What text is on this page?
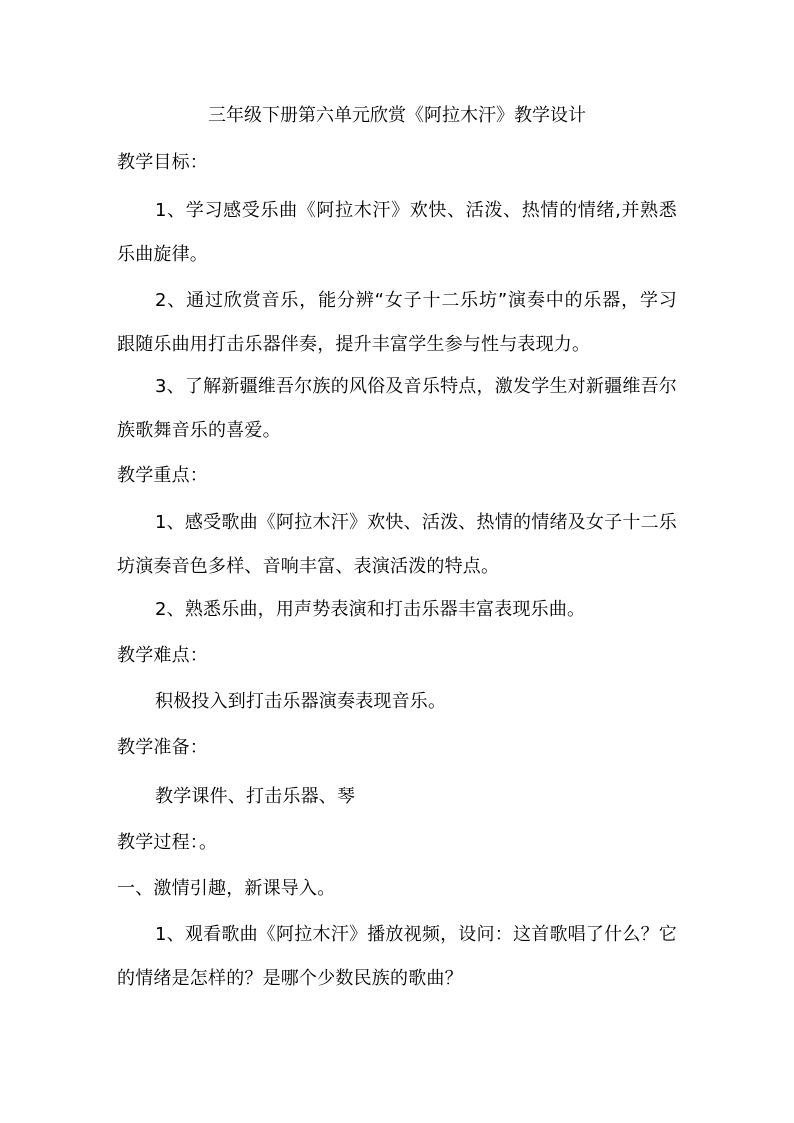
三年级下册第六单元欣赏《阿拉木汗》教学设计

教学目标：

1、学习感受乐曲《阿拉木汗》欢快、活泼、热情的情绪,并熟悉乐曲旋律。

2、通过欣赏音乐，能分辨“女子十二乐坊”演奏中的乐器，学习跟随乐曲用打击乐器伴奏，提升丰富学生参与性与表现力。

3、了解新疆维吾尔族的风俗及音乐特点，激发学生对新疆维吾尔族歌舞音乐的喜爱。

教学重点：

1、感受歌曲《阿拉木汗》欢快、活泼、热情的情绪及女子十二乐坊演奏音色多样、音响丰富、表演活泼的特点。

2、熟悉乐曲，用声势表演和打击乐器丰富表现乐曲。

教学难点：

积极投入到打击乐器演奏表现音乐。

教学准备：

教学课件、打击乐器、琴

教学过程：。

一、激情引趣，新课导入。

1、观看歌曲《阿拉木汗》播放视频，设问：这首歌唱了什么？它的情绪是怎样的？是哪个少数民族的歌曲？
